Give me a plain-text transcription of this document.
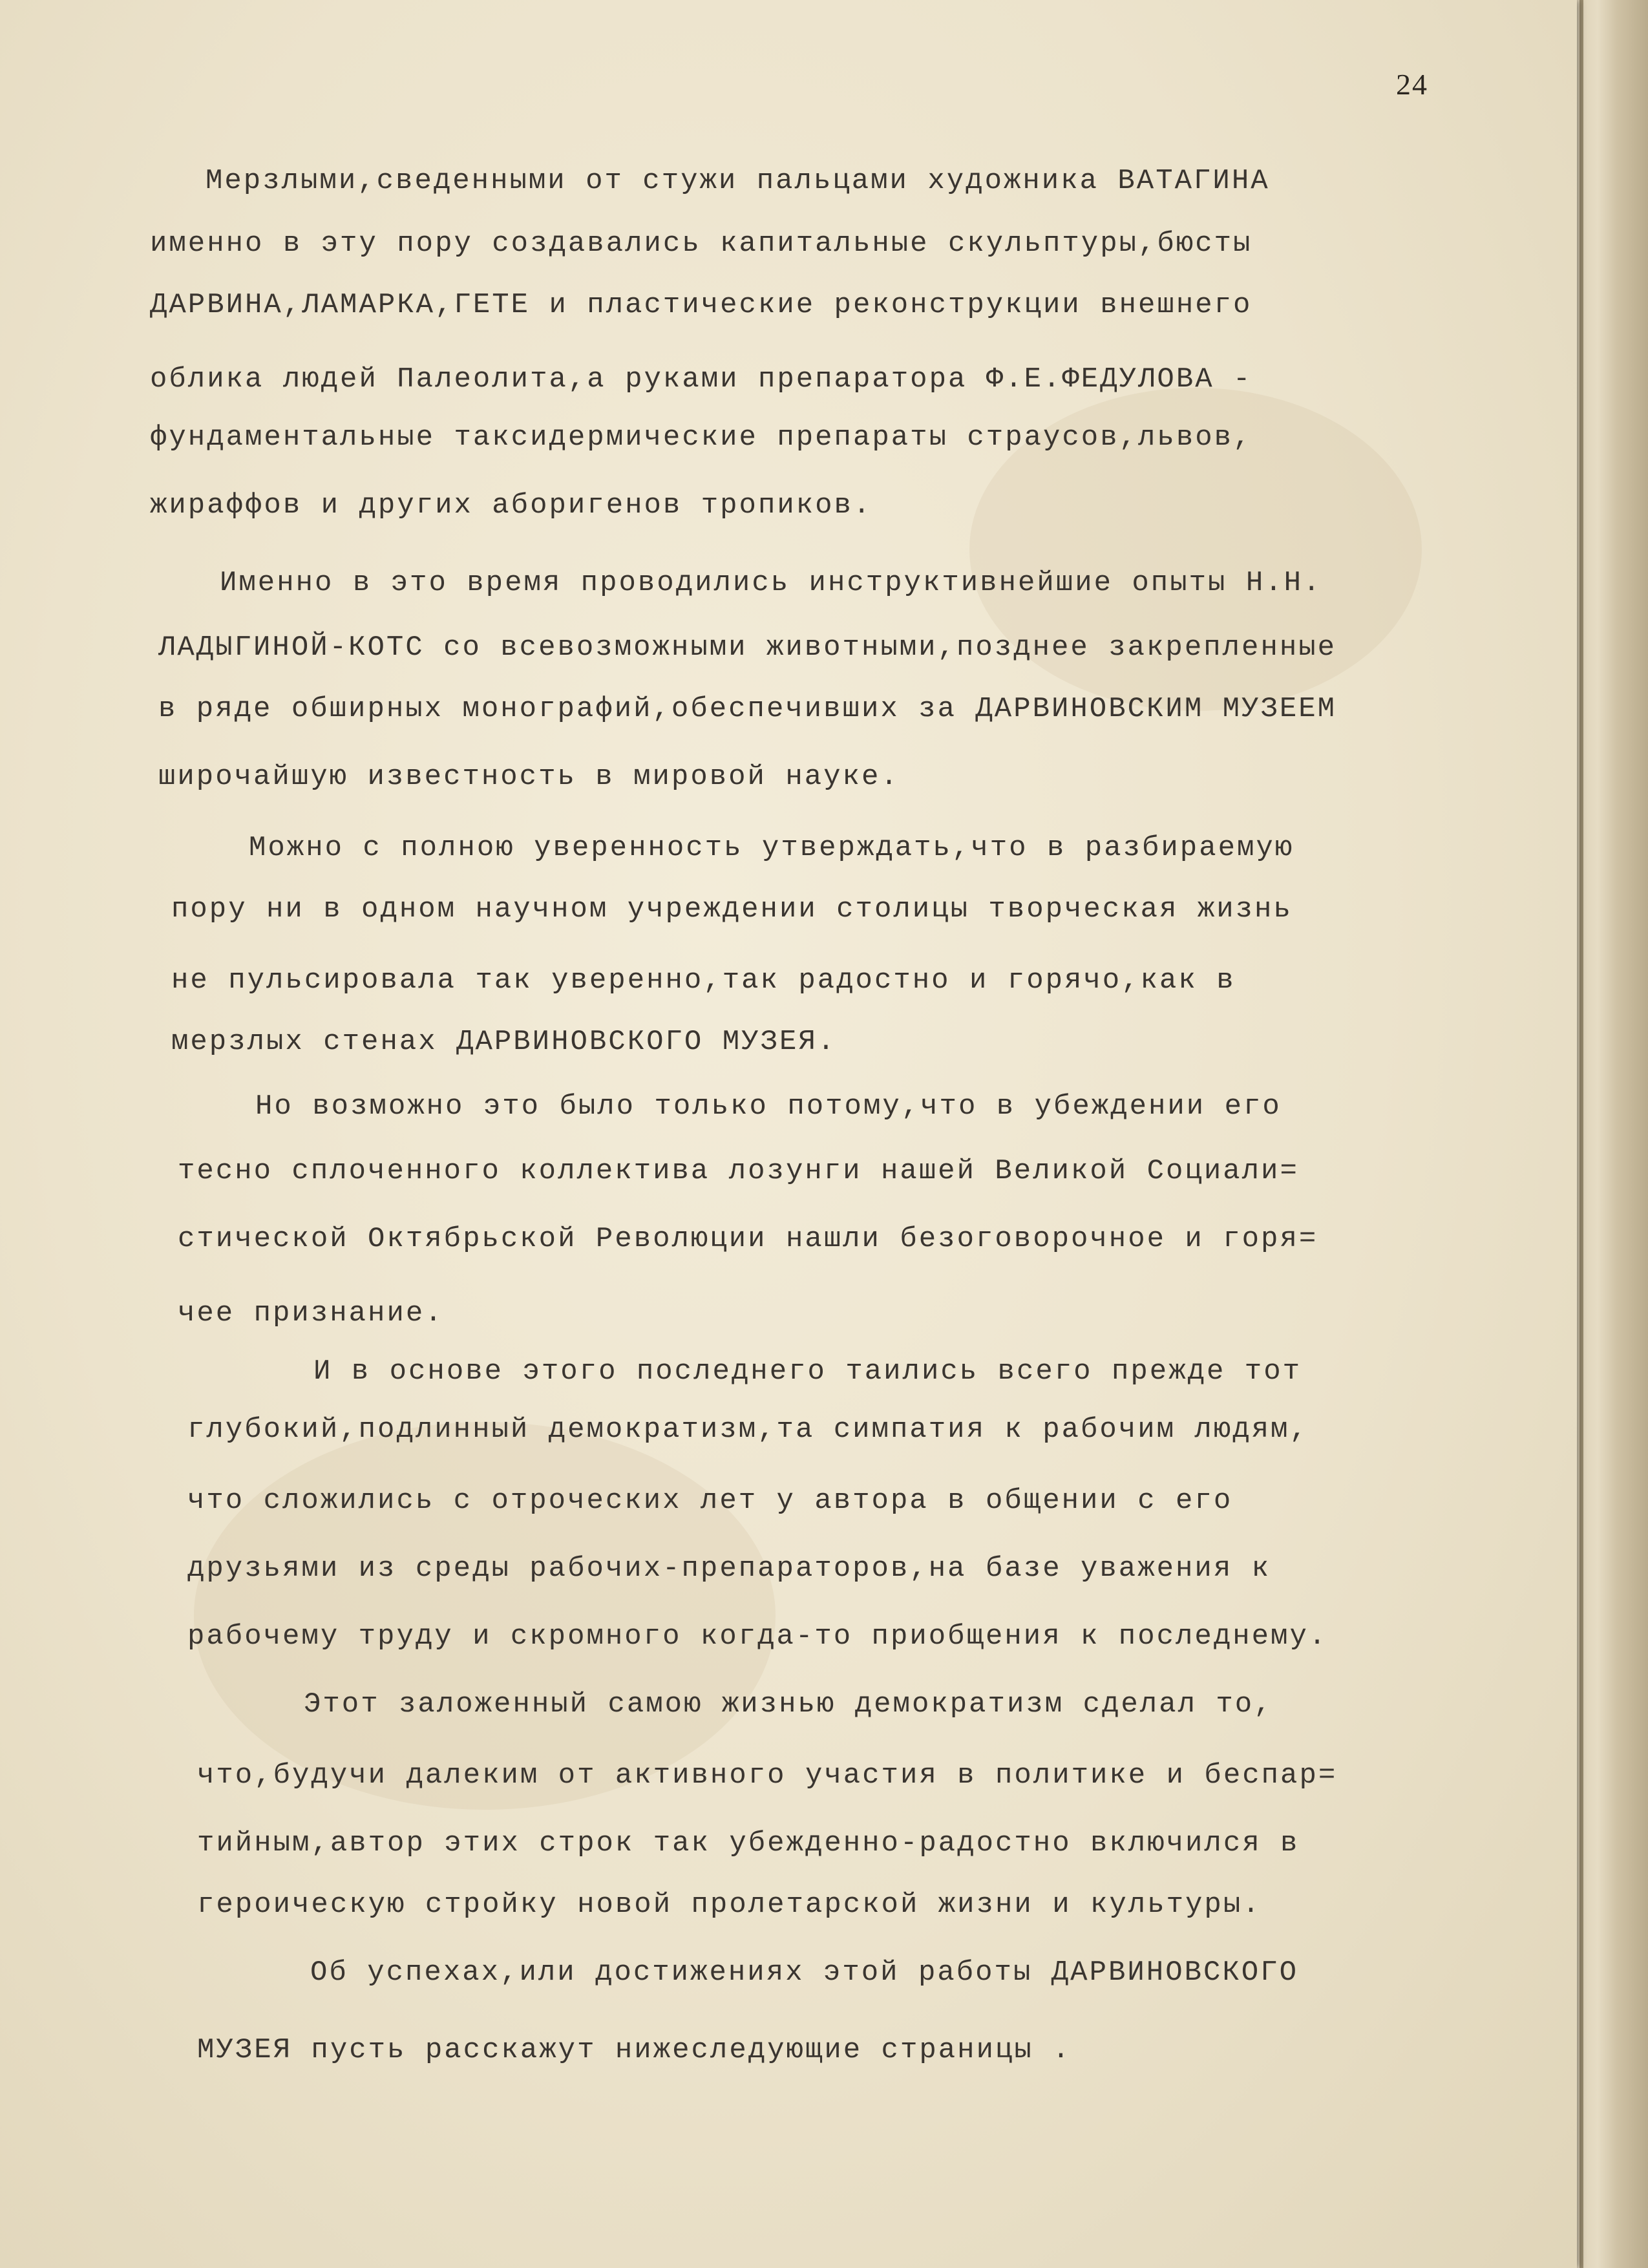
24
Мерзлыми,сведенными от стужи пальцами художника ВАТАГИНА
именно в эту пору создавались капитальные скульптуры,бюсты
ДАРВИНА,ЛАМАРКА,ГЕТЕ и пластические реконструкции внешнего
облика людей Палеолита,а руками препаратора Ф.Е.ФЕДУЛОВА -
фундаментальные таксидермические препараты страусов,львов,
жираффов и других аборигенов тропиков.
Именно в это время проводились инструктивнейшие опыты Н.Н.
ЛАДЫГИНОЙ-КОТС со всевозможными животными,позднее закрепленные
в ряде обширных монографий,обеспечивших за ДАРВИНОВСКИМ МУЗЕЕМ
широчайшую известность в мировой науке.
Можно с полною уверенность утверждать,что в разбираемую
пору ни в одном научном учреждении столицы творческая жизнь
не пульсировала так уверенно,так радостно и горячо,как в
мерзлых стенах ДАРВИНОВСКОГО МУЗЕЯ.
Но возможно это было только потому,что в убеждении его
тесно сплоченного коллектива лозунги нашей Великой Социали=
стической Октябрьской Революции нашли безоговорочное и горя=
чее признание.
И в основе этого последнего таились всего прежде тот
глубокий,подлинный демократизм,та симпатия к рабочим людям,
что сложились с отроческих лет у автора в общении с его
друзьями из среды рабочих-препараторов,на базе уважения к
рабочему труду и скромного когда-то приобщения к последнему.
Этот заложенный самою жизнью демократизм сделал то,
что,будучи далеким от активного участия в политике и беспар=
тийным,автор этих строк так убежденно-радостно включился в
героическую стройку новой пролетарской жизни и культуры.
Об успехах,или достижениях этой работы ДАРВИНОВСКОГО
МУЗЕЯ пусть расскажут нижеследующие страницы .
